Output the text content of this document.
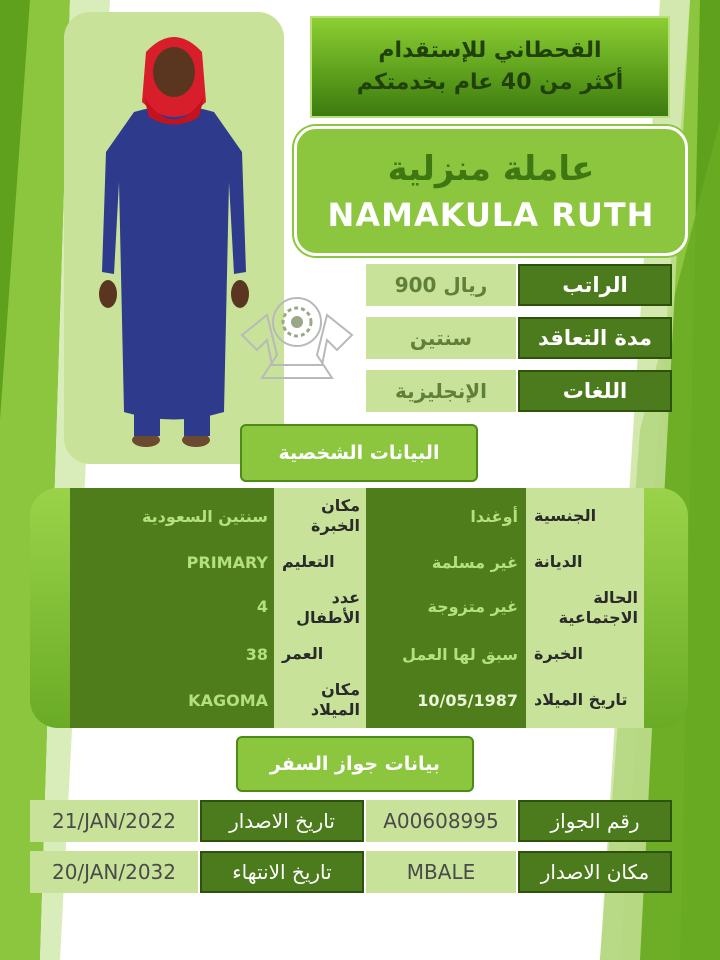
القحطاني للإستقدام
أكثر من 40 عام بخدمتكم
عاملة منزلية
NAMAKULA RUTH
الراتب
900 ريال
مدة التعاقد
سنتين
اللغات
الإنجليزية
البيانات الشخصية
الجنسية
أوغندا
الديانة
غير مسلمة
الحالة الاجتماعية
غير متزوجة
الخبرة
سبق لها العمل
تاريخ الميلاد
10/05/1987
مكان الخبرة
سنتين السعودية
التعليم
PRIMARY
عدد الأطفال
4
العمر
38
مكان الميلاد
KAGOMA
بيانات جواز السفر
رقم الجواز
A00608995
تاريخ الاصدار
21/JAN/2022
مكان الاصدار
MBALE
تاريخ الانتهاء
20/JAN/2032
